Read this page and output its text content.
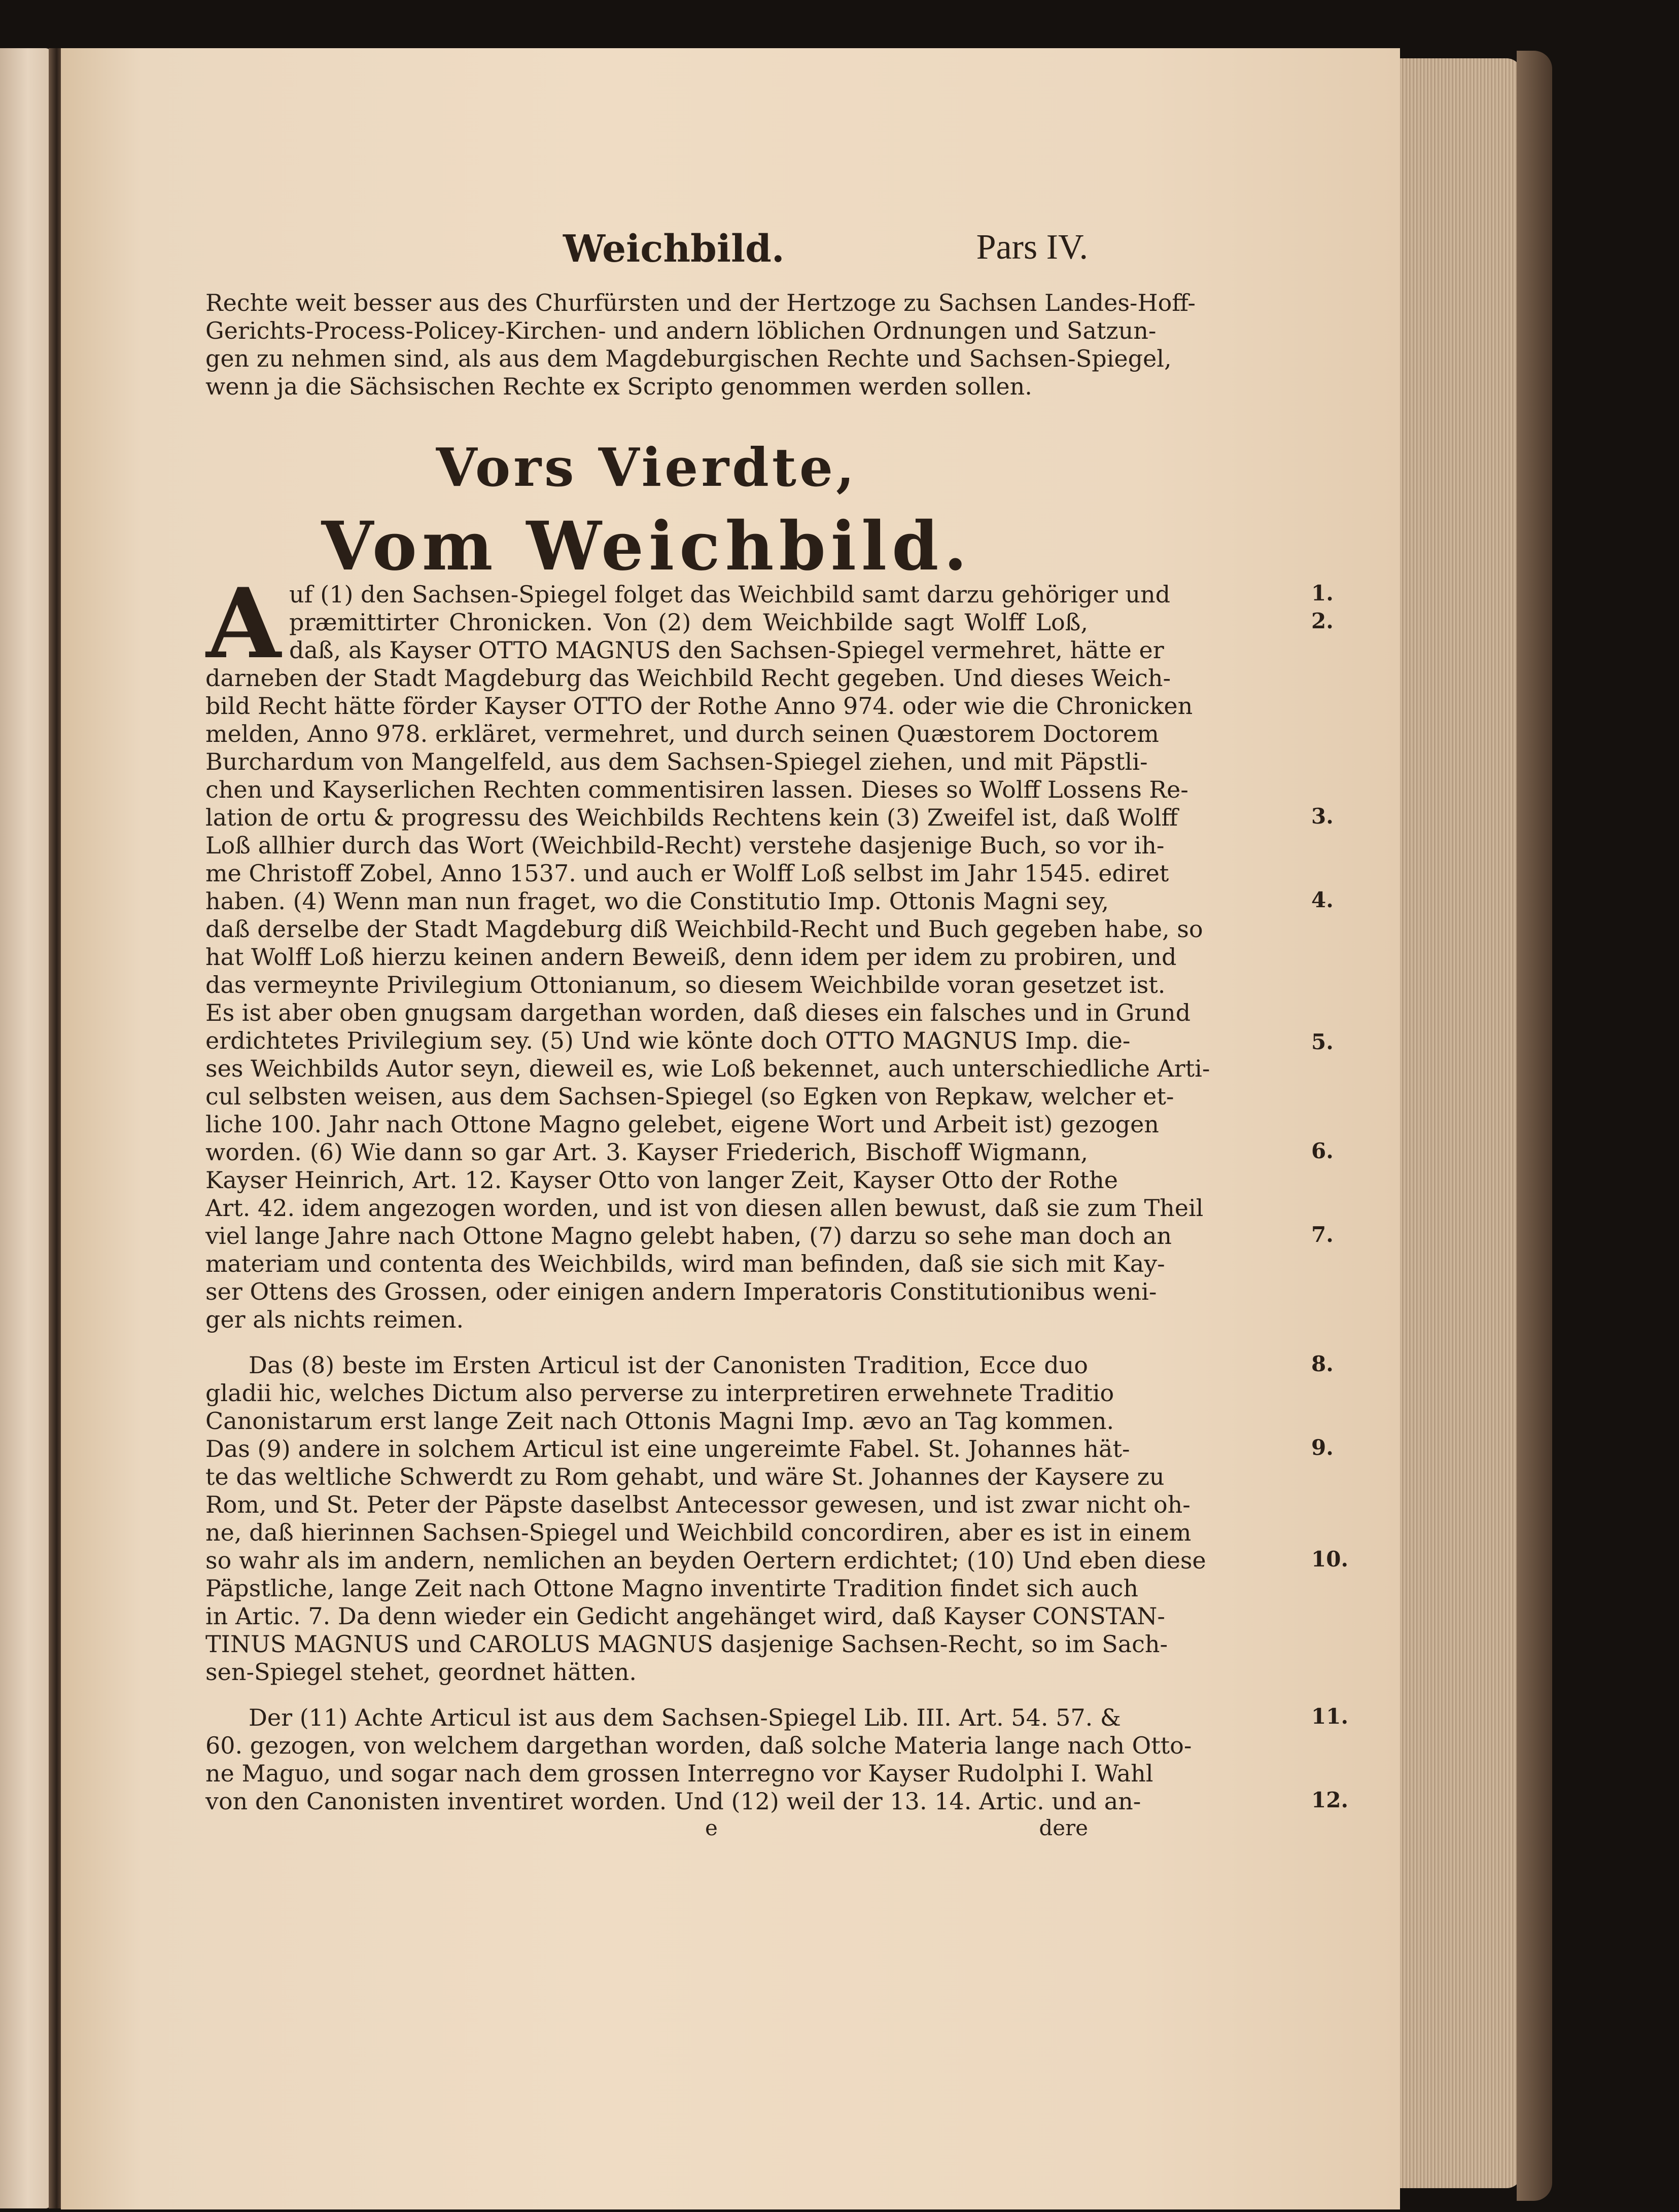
Weichbild.	Pars IV.
Rechte weit besser aus des Churfürsten und der Hertzoge zu Sachsen Landes-Hoff-
Gerichts-Process-Policey-Kirchen- und andern löblichen Ordnungen und Satzun-
gen zu nehmen sind, als aus dem Magdeburgischen Rechte und Sachsen-Spiegel,
wenn ja die Sächsischen Rechte ex Scripto genommen werden sollen.
Vors Vierdte,
Vom Weichbild.
A uf (1) den Sachsen-Spiegel folget das Weichbild samt darzu gehöriger und
præmittirter Chronicken. Von (2) dem Weichbilde sagt Wolff Loß,
daß, als Kayser OTTO MAGNUS den Sachsen-Spiegel vermehret, hätte er
darneben der Stadt Magdeburg das Weichbild Recht gegeben. Und dieses Weich-
bild Recht hätte förder Kayser OTTO der Rothe Anno 974. oder wie die Chronicken
melden, Anno 978. erkläret, vermehret, und durch seinen Quæstorem Doctorem
Burchardum von Mangelfeld, aus dem Sachsen-Spiegel ziehen, und mit Päpstli-
chen und Kayserlichen Rechten commentisiren lassen. Dieses so Wolff Lossens Re-
lation de ortu & progressu des Weichbilds Rechtens kein (3) Zweifel ist, daß Wolff
Loß allhier durch das Wort (Weichbild-Recht) verstehe dasjenige Buch, so vor ih-
me Christoff Zobel, Anno 1537. und auch er Wolff Loß selbst im Jahr 1545. ediret
haben. (4) Wenn man nun fraget, wo die Constitutio Imp. Ottonis Magni sey,
daß derselbe der Stadt Magdeburg diß Weichbild-Recht und Buch gegeben habe, so
hat Wolff Loß hierzu keinen andern Beweiß, denn idem per idem zu probiren, und
das vermeynte Privilegium Ottonianum, so diesem Weichbilde voran gesetzet ist.
Es ist aber oben gnugsam dargethan worden, daß dieses ein falsches und in Grund
erdichtetes Privilegium sey. (5) Und wie könte doch OTTO MAGNUS Imp. die-
ses Weichbilds Autor seyn, dieweil es, wie Loß bekennet, auch unterschiedliche Arti-
cul selbsten weisen, aus dem Sachsen-Spiegel (so Egken von Repkaw, welcher et-
liche 100. Jahr nach Ottone Magno gelebet, eigene Wort und Arbeit ist) gezogen
worden. (6) Wie dann so gar Art. 3. Kayser Friederich, Bischoff Wigmann,
Kayser Heinrich, Art. 12. Kayser Otto von langer Zeit, Kayser Otto der Rothe
Art. 42. idem angezogen worden, und ist von diesen allen bewust, daß sie zum Theil
viel lange Jahre nach Ottone Magno gelebt haben, (7) darzu so sehe man doch an
materiam und contenta des Weichbilds, wird man befinden, daß sie sich mit Kay-
ser Ottens des Grossen, oder einigen andern Imperatoris Constitutionibus weni-
ger als nichts reimen.
Das (8) beste im Ersten Articul ist der Canonisten Tradition, Ecce duo
gladii hic, welches Dictum also perverse zu interpretiren erwehnete Traditio
Canonistarum erst lange Zeit nach Ottonis Magni Imp. ævo an Tag kommen.
Das (9) andere in solchem Articul ist eine ungereimte Fabel. St. Johannes hät-
te das weltliche Schwerdt zu Rom gehabt, und wäre St. Johannes der Kaysere zu
Rom, und St. Peter der Päpste daselbst Antecessor gewesen, und ist zwar nicht oh-
ne, daß hierinnen Sachsen-Spiegel und Weichbild concordiren, aber es ist in einem
so wahr als im andern, nemlichen an beyden Oertern erdichtet; (10) Und eben diese
Päpstliche, lange Zeit nach Ottone Magno inventirte Tradition findet sich auch
in Artic. 7. Da denn wieder ein Gedicht angehänget wird, daß Kayser CONSTAN-
TINUS MAGNUS und CAROLUS MAGNUS dasjenige Sachsen-Recht, so im Sach-
sen-Spiegel stehet, geordnet hätten.
Der (11) Achte Articul ist aus dem Sachsen-Spiegel Lib. III. Art. 54. 57. &
60. gezogen, von welchem dargethan worden, daß solche Materia lange nach Otto-
ne Maguo, und sogar nach dem grossen Interregno vor Kayser Rudolphi I. Wahl
von den Canonisten inventiret worden. Und (12) weil der 13. 14. Artic. und an-
e	dere
1.
2.
3.
4.
5.
6.
7.
8.
9.
10.
11.
12.
